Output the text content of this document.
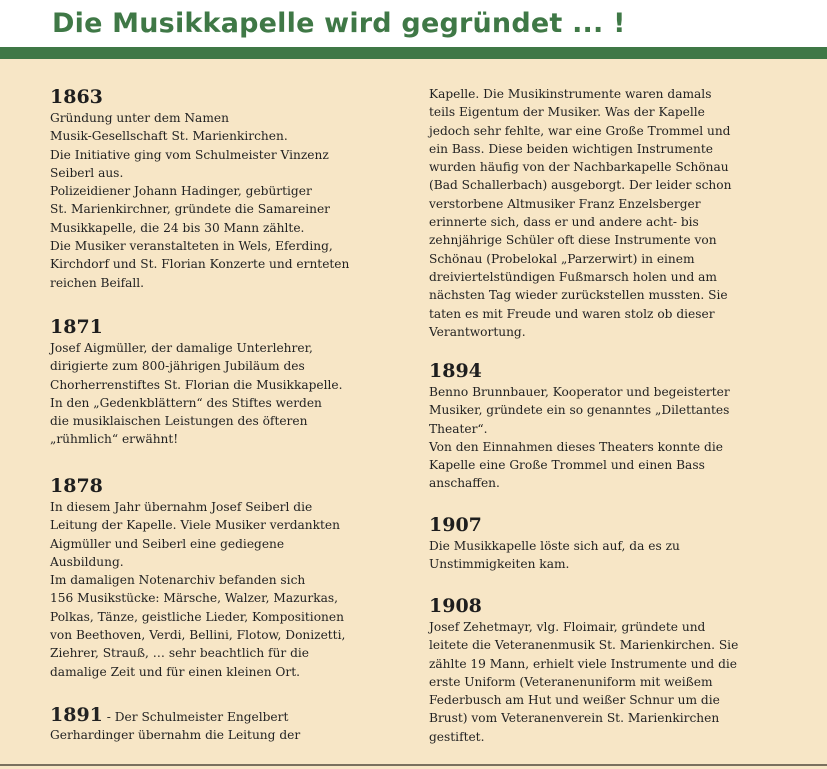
Die Musikkapelle wird gegründet ... !
1863

Gründung unter dem Namen

Musik-Gesellschaft St. Marienkirchen.

Die Initiative ging vom Schulmeister Vinzenz

Seiberl aus.

Polizeidiener Johann Hadinger, gebürtiger

St. Marienkirchner, gründete die Samareiner

Musikkapelle, die 24 bis 30 Mann zählte.

Die Musiker veranstalteten in Wels, Eferding,

Kirchdorf und St. Florian Konzerte und ernteten

reichen Beifall.

1871

Josef Aigmüller, der damalige Unterlehrer,

dirigierte zum 800-jährigen Jubiläum des

Chorherrenstiftes St. Florian die Musikkapelle.

In den „Gedenkblättern“ des Stiftes werden

die musiklaischen Leistungen des öfteren

„rühmlich“ erwähnt!

1878

In diesem Jahr übernahm Josef Seiberl die

Leitung der Kapelle. Viele Musiker verdankten

Aigmüller und Seiberl eine gediegene

Ausbildung.

Im damaligen Notenarchiv befanden sich

156 Musikstücke: Märsche, Walzer, Mazurkas,

Polkas, Tänze, geistliche Lieder, Kompositionen

von Beethoven, Verdi, Bellini, Flotow, Donizetti,

Ziehrer, Strauß, … sehr beachtlich für die

damalige Zeit und für einen kleinen Ort.

1891 - Der Schulmeister Engelbert
Gerhardinger übernahm die Leitung der

Kapelle. Die Musikinstrumente waren damals

teils Eigentum der Musiker. Was der Kapelle

jedoch sehr fehlte, war eine Große Trommel und

ein Bass. Diese beiden wichtigen Instrumente

wurden häufig von der Nachbarkapelle Schönau

(Bad Schallerbach) ausgeborgt. Der leider schon

verstorbene Altmusiker Franz Enzelsberger

erinnerte sich, dass er und andere acht- bis

zehnjährige Schüler oft diese Instrumente von

Schönau (Probelokal „Parzerwirt) in einem

dreiviertelstündigen Fußmarsch holen und am

nächsten Tag wieder zurückstellen mussten. Sie

taten es mit Freude und waren stolz ob dieser

Verantwortung.

1894

Benno Brunnbauer, Kooperator und begeisterter

Musiker, gründete ein so genanntes „Dilettantes

Theater“.

Von den Einnahmen dieses Theaters konnte die

Kapelle eine Große Trommel und einen Bass

anschaffen.

1907

Die Musikkapelle löste sich auf, da es zu

Unstimmigkeiten kam.

1908

Josef Zehetmayr, vlg. Floimair, gründete und

leitete die Veteranenmusik St. Marienkirchen. Sie

zählte 19 Mann, erhielt viele Instrumente und die

erste Uniform (Veteranenuniform mit weißem

Federbusch am Hut und weißer Schnur um die

Brust) vom Veteranenverein St. Marienkirchen

gestiftet.
